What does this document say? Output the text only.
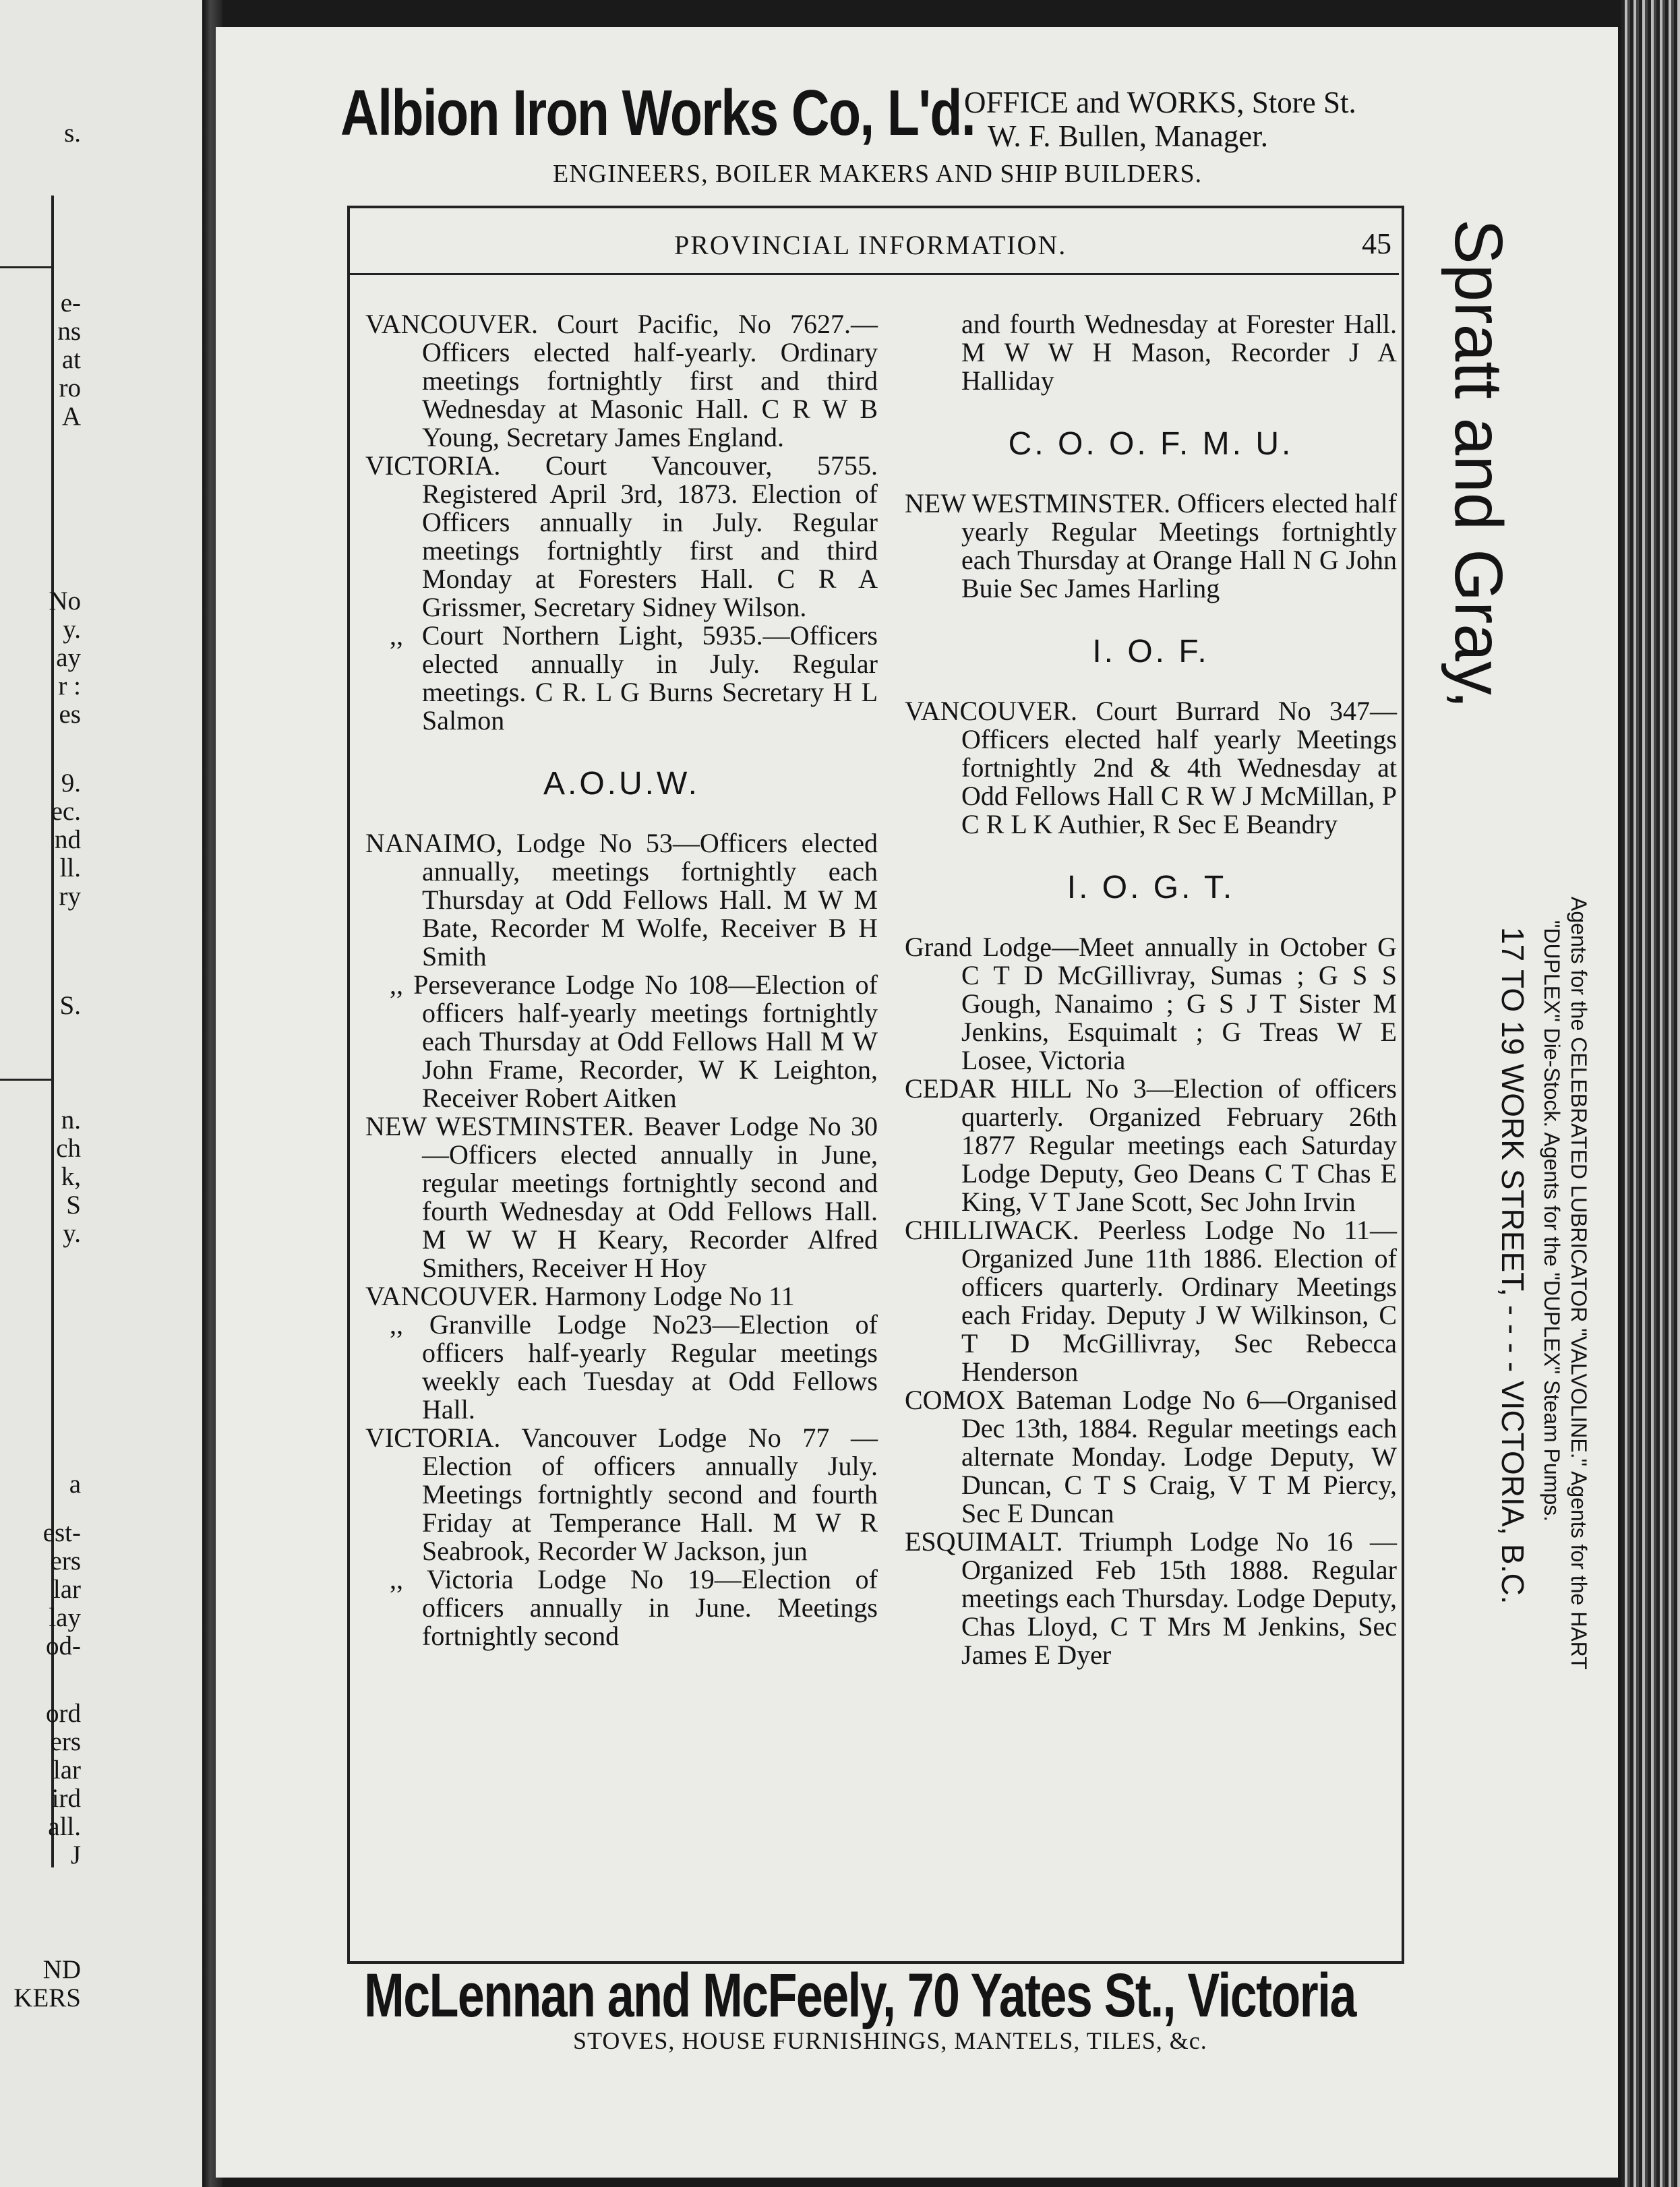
s.
e-
ns
at
ro
A
No
y.
ay
r :
es
9.
ec.
nd
ll.
ry
S.
n.
ch
k,
S
y.
a
est-
ers
lar
lay
od-
ord
ers
lar
ird
all.
J
ND
KERS
Albion Iron Works Co, L'd.
OFFICE and WORKS, Store St.
W. F. Bullen, Manager.
ENGINEERS, BOILER MAKERS AND SHIP BUILDERS.
PROVINCIAL INFORMATION.	45

VANCOUVER. Court Pacific, No 7627.—Officers elected half-yearly. Ordinary meetings fortnightly first and third Wednesday at Masonic Hall. C R W B Young, Secretary James England.

VICTORIA. Court Vancouver, 5755. Registered April 3rd, 1873. Election of Officers annually in July. Regular meetings fortnightly first and third Monday at Foresters Hall. C R A Grissmer, Secretary Sidney Wilson.

,, Court Northern Light, 5935.—Officers elected annually in July. Regular meetings. C R. L G Burns Secretary H L Salmon

A.O.U.W.

NANAIMO, Lodge No 53—Officers elected annually, meetings fortnightly each Thursday at Odd Fellows Hall. M W M Bate, Recorder M Wolfe, Receiver B H Smith

,, Perseverance Lodge No 108—Election of officers half-yearly meetings fortnightly each Thursday at Odd Fellows Hall M W John Frame, Recorder, W K Leighton, Receiver Robert Aitken

NEW WESTMINSTER. Beaver Lodge No 30—Officers elected annually in June, regular meetings fortnightly second and fourth Wednesday at Odd Fellows Hall. M W W H Keary, Recorder Alfred Smithers, Receiver H Hoy

VANCOUVER. Harmony Lodge No 11

,, Granville Lodge No23—Election of officers half-yearly Regular meetings weekly each Tuesday at Odd Fellows Hall.

VICTORIA. Vancouver Lodge No 77 —Election of officers annually July. Meetings fortnightly second and fourth Friday at Temperance Hall. M W R Seabrook, Recorder W Jackson, jun

,, Victoria Lodge No 19—Election of officers annually in June. Meetings fortnightly second

and fourth Wednesday at Forester Hall. M W W H Mason, Recorder J A Halliday

C. O. O. F. M. U.

NEW WESTMINSTER. Officers elected half yearly Regular Meetings fortnightly each Thursday at Orange Hall N G John Buie Sec James Harling

I. O. F.

VANCOUVER. Court Burrard No 347—Officers elected half yearly Meetings fortnightly 2nd & 4th Wednesday at Odd Fellows Hall C R W J McMillan, P C R L K Authier, R Sec E Beandry

I. O. G. T.

Grand Lodge—Meet annually in October G C T D McGillivray, Sumas ; G S S Gough, Nanaimo ; G S J T Sister M Jenkins, Esquimalt ; G Treas W E Losee, Victoria

CEDAR HILL No 3—Election of officers quarterly. Organized February 26th 1877 Regular meetings each Saturday Lodge Deputy, Geo Deans C T Chas E King, V T Jane Scott, Sec John Irvin

CHILLIWACK. Peerless Lodge No 11—Organized June 11th 1886. Election of officers quarterly. Ordinary Meetings each Friday. Deputy J W Wilkinson, C T D McGillivray, Sec Rebecca Henderson

COMOX Bateman Lodge No 6—Organised Dec 13th, 1884. Regular meetings each alternate Monday. Lodge Deputy, W Duncan, C T S Craig, V T M Piercy, Sec E Duncan

ESQUIMALT. Triumph Lodge No 16 —Organized Feb 15th 1888. Regular meetings each Thursday. Lodge Deputy, Chas Lloyd, C T Mrs M Jenkins, Sec James E Dyer

Spratt and Gray,
17 TO 19 WORK STREET, - - - - VICTORIA, B.C. Agents for the CELEBRATED LUBRICATOR "VALVOLINE." Agents for the HART
"DUPLEX" Die-Stock. Agents for the "DUPLEX" Steam Pumps.
McLennan and McFeely, 70 Yates St., Victoria
STOVES, HOUSE FURNISHINGS, MANTELS, TILES, &c.
